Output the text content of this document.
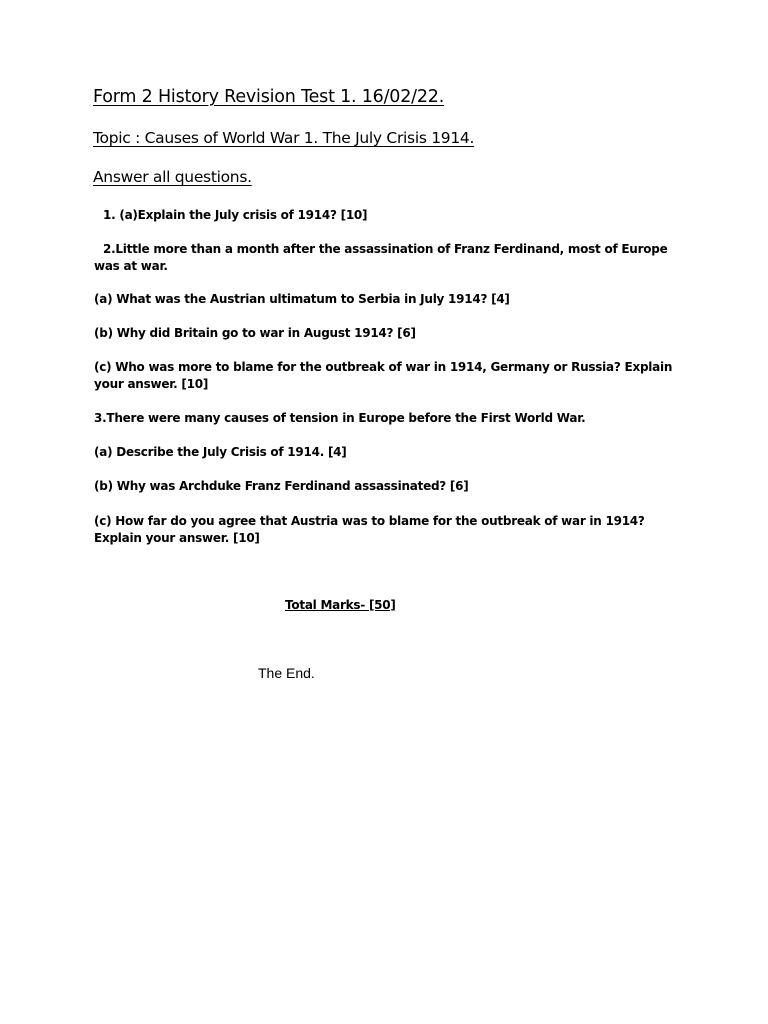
Form 2 History Revision Test 1. 16/02/22.
Topic : Causes of World War 1. The July Crisis 1914.
Answer all questions.

1. (a)Explain the July crisis of 1914? [10]

2.Little more than a month after the assassination of Franz Ferdinand, most of Europe was at war.

(a) What was the Austrian ultimatum to Serbia in July 1914? [4]

(b) Why did Britain go to war in August 1914? [6]

(c) Who was more to blame for the outbreak of war in 1914, Germany or Russia? Explain your answer. [10]

3.There were many causes of tension in Europe before the First World War.

(a) Describe the July Crisis of 1914. [4]

(b) Why was Archduke Franz Ferdinand assassinated? [6]

(c) How far do you agree that Austria was to blame for the outbreak of war in 1914? Explain your answer. [10]

Total Marks- [50]
The End.
